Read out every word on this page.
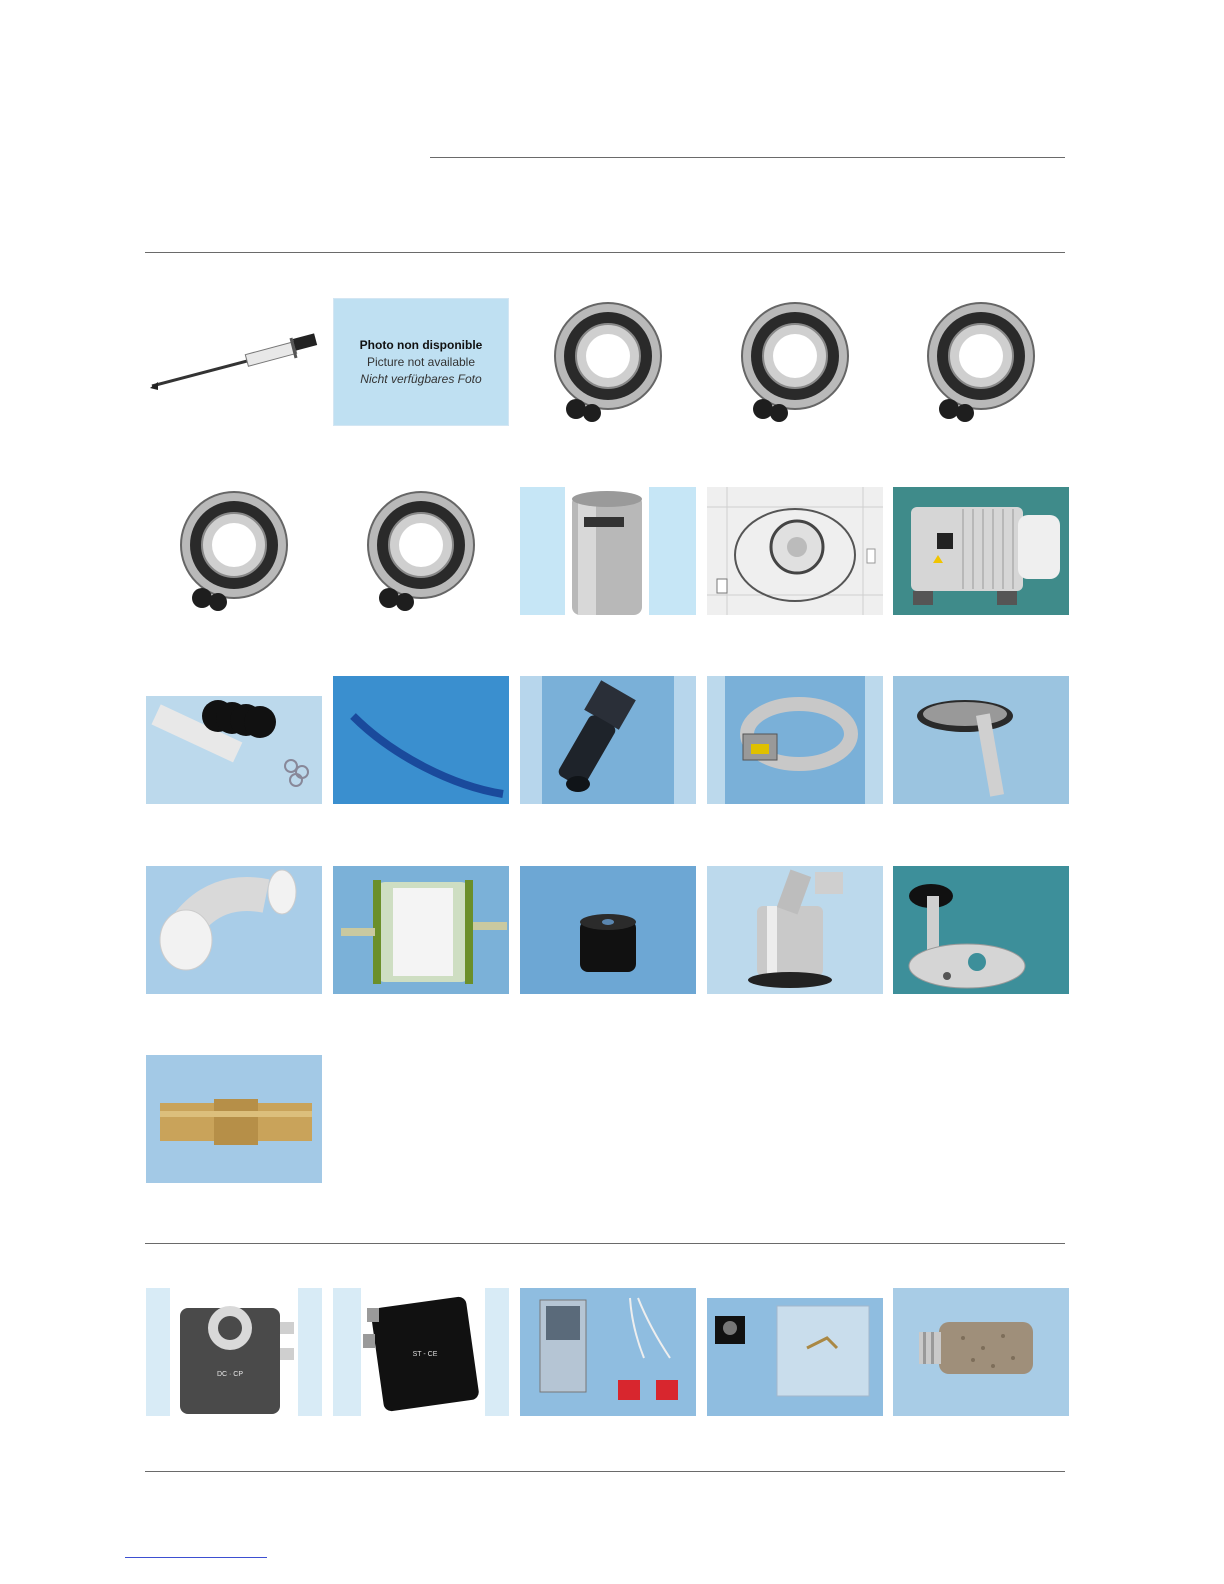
Photo non disponible
Picture not available
Nicht verfügbares Foto
DC · CP
ST - CE
